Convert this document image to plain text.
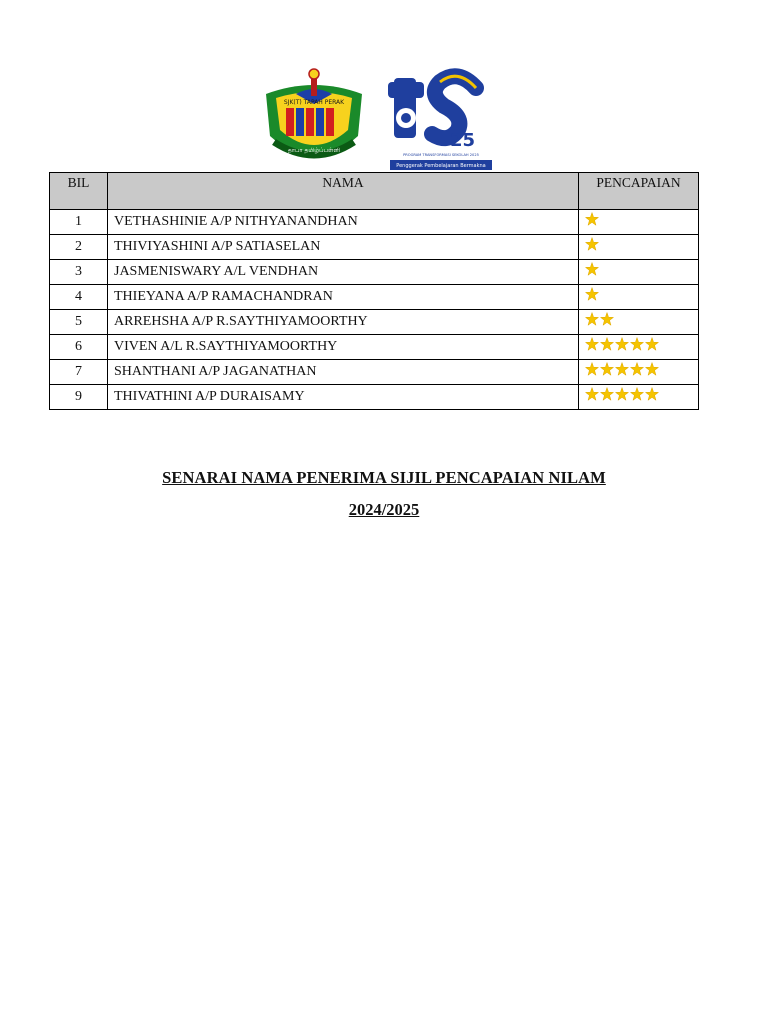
SJK(T) TAPAH PERAK
தாபா தமிழ்ப்பள்ளி	25
PROGRAM TRANSFORMASI SEKOLAH 2025
Penggerak Pembelajaran Bermakna
BIL	NAMA	PENCAPAIAN
1	VETHASHINIE A/P NITHYANANDHAN	

2	THIVIYASHINI A/P SATIASELAN	

3	JASMENISWARY A/L VENDHAN	

4	THIEYANA A/P RAMACHANDRAN	

5	ARREHSHA A/P R.SAYTHIYAMOORTHY	

6	VIVEN A/L R.SAYTHIYAMOORTHY	

7	SHANTHANI A/P JAGANATHAN	

9	THIVATHINI A/P DURAISAMY	
SENARAI NAMA PENERIMA SIJIL PENCAPAIAN NILAM
2024/2025
